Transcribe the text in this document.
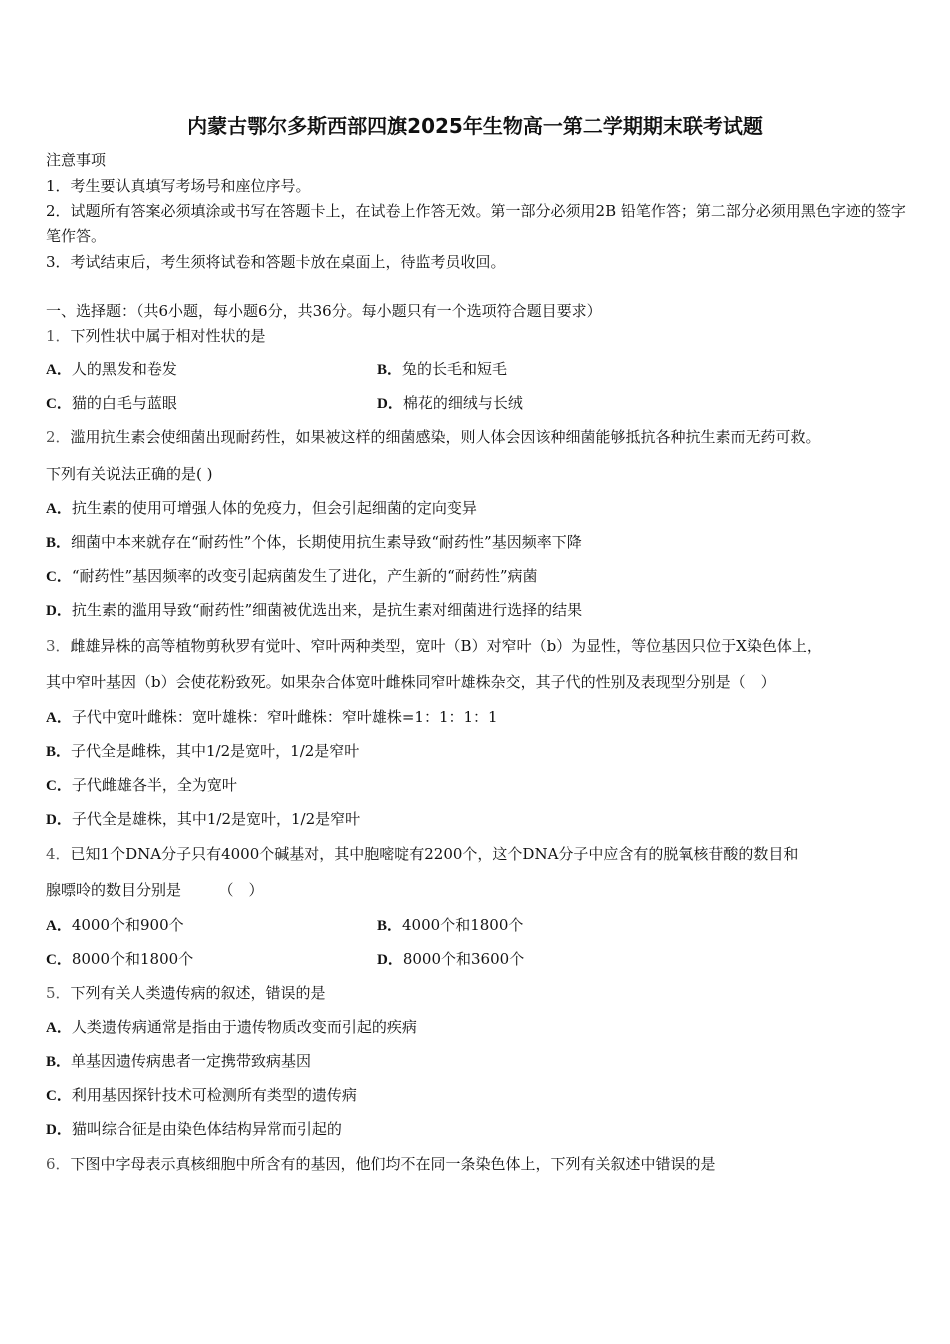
内蒙古鄂尔多斯西部四旗2025年生物高一第二学期期末联考试题
注意事项
1．考生要认真填写考场号和座位序号。
2．试题所有答案必须填涂或书写在答题卡上，在试卷上作答无效。第一部分必须用2B 铅笔作答；第二部分必须用黑色字迹的签字笔作答。
3．考试结束后，考生须将试卷和答题卡放在桌面上，待监考员收回。
一、选择题：（共6小题，每小题6分，共36分。每小题只有一个选项符合题目要求）
1．下列性状中属于相对性状的是
A．人的黑发和卷发	B．兔的长毛和短毛
C．猫的白毛与蓝眼	D．棉花的细绒与长绒
2．滥用抗生素会使细菌出现耐药性，如果被这样的细菌感染，则人体会因该种细菌能够抵抗各种抗生素而无药可救。
下列有关说法正确的是( )
A．抗生素的使用可增强人体的免疫力，但会引起细菌的定向变异
B．细菌中本来就存在“耐药性”个体，长期使用抗生素导致“耐药性”基因频率下降
C．“耐药性”基因频率的改变引起病菌发生了进化，产生新的“耐药性”病菌
D．抗生素的滥用导致“耐药性”细菌被优选出来，是抗生素对细菌进行选择的结果
3．雌雄异株的高等植物剪秋罗有觉叶、窄叶两种类型，宽叶（B）对窄叶（b）为显性，等位基因只位于X染色体上，
其中窄叶基因（b）会使花粉致死。如果杂合体宽叶雌株同窄叶雄株杂交，其子代的性别及表现型分别是（　）
A．子代中宽叶雌株：宽叶雄株：窄叶雌株：窄叶雄株=1：1：1：1
B．子代全是雌株，其中1/2是宽叶，1/2是窄叶
C．子代雌雄各半，全为宽叶
D．子代全是雄株，其中1/2是宽叶，1/2是窄叶
4．已知1个DNA分子只有4000个碱基对，其中胞嘧啶有2200个，这个DNA分子中应含有的脱氧核苷酸的数目和
腺嘌呤的数目分别是　　　（　）
A．4000个和900个	B．4000个和1800个
C．8000个和1800个	D．8000个和3600个
5．下列有关人类遗传病的叙述，错误的是
A．人类遗传病通常是指由于遗传物质改变而引起的疾病
B．单基因遗传病患者一定携带致病基因
C．利用基因探针技术可检测所有类型的遗传病
D．猫叫综合征是由染色体结构异常而引起的
6．下图中字母表示真核细胞中所含有的基因，他们均不在同一条染色体上，下列有关叙述中错误的是
